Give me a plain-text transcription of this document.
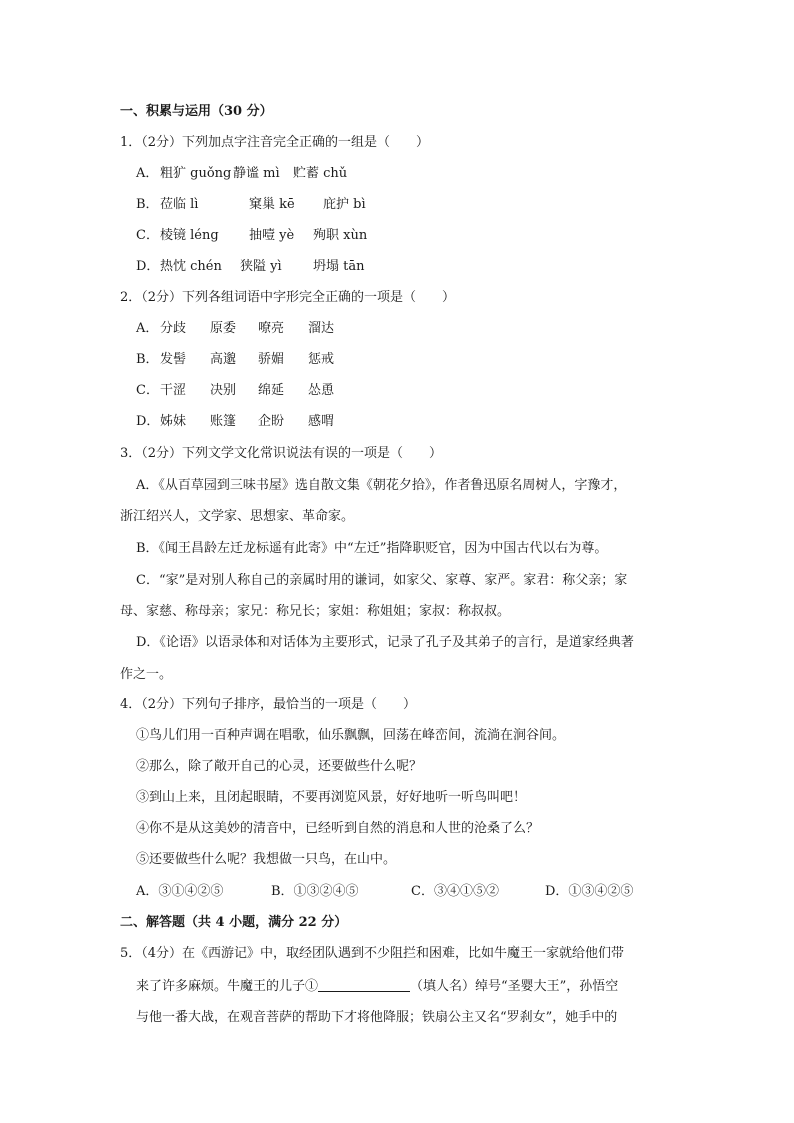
一、积累与运用（30 分）
1．（2分）下列加点字注音完全正确的一组是（　　）
A． 粗犷 guǒng 静谧 mì 贮蓄 chǔ
B．莅临 lì	窠巢 kē 庇护 bì
C．棱镜 léng 抽噎 yè 殉职 xùn
D．热忱 chén 狭隘 yì 坍塌 tān
2．（2分）下列各组词语中字形完全正确的一项是（　　）
A． 分歧 原委 嘹亮 溜达
B．发髻 高邈 骄媚 惩戒
C．干涩 决别 绵延 怂恿
D．姊妹 账篷 企盼 感喟
3．（2分）下列文学文化常识说法有误的一项是（　　）
A．《从百草园到三味书屋》选自散文集《朝花夕拾》，作者鲁迅原名周树人，字豫才，
浙江绍兴人，文学家、思想家、革命家。
B．《闻王昌龄左迁龙标遥有此寄》中“左迁”指降职贬官，因为中国古代以右为尊。
C．“家”是对别人称自己的亲属时用的谦词，如家父、家尊、家严。家君：称父亲；家
母、家慈、称母亲；家兄：称兄长；家姐：称姐姐；家叔：称叔叔。
D．《论语》以语录体和对话体为主要形式，记录了孔子及其弟子的言行，是道家经典著
作之一。
4．（2分）下列句子排序，最恰当的一项是（　　）
①鸟儿们用一百种声调在唱歌，仙乐飘飘，回荡在峰峦间，流淌在涧谷间。
②那么，除了敞开自己的心灵，还要做些什么呢？
③到山上来，且闭起眼睛，不要再浏览风景，好好地听一听鸟叫吧！
④你不是从这美妙的清音中，已经听到自然的消息和人世的沧桑了么？
⑤还要做些什么呢？我想做一只鸟，在山中。
A．③①④②⑤	B．①③②④⑤	C．③④①⑤②	D．①③④②⑤
二、解答题（共 4 小题，满分 22 分）
5．（4分）在《西游记》中，取经团队遇到不少阻拦和困难，比如牛魔王一家就给他们带
来了许多麻烦。牛魔王的儿子①	（填人名）绰号“圣婴大王”，孙悟空
与他一番大战，在观音菩萨的帮助下才将他降服；铁扇公主又名“罗刹女”，她手中的
